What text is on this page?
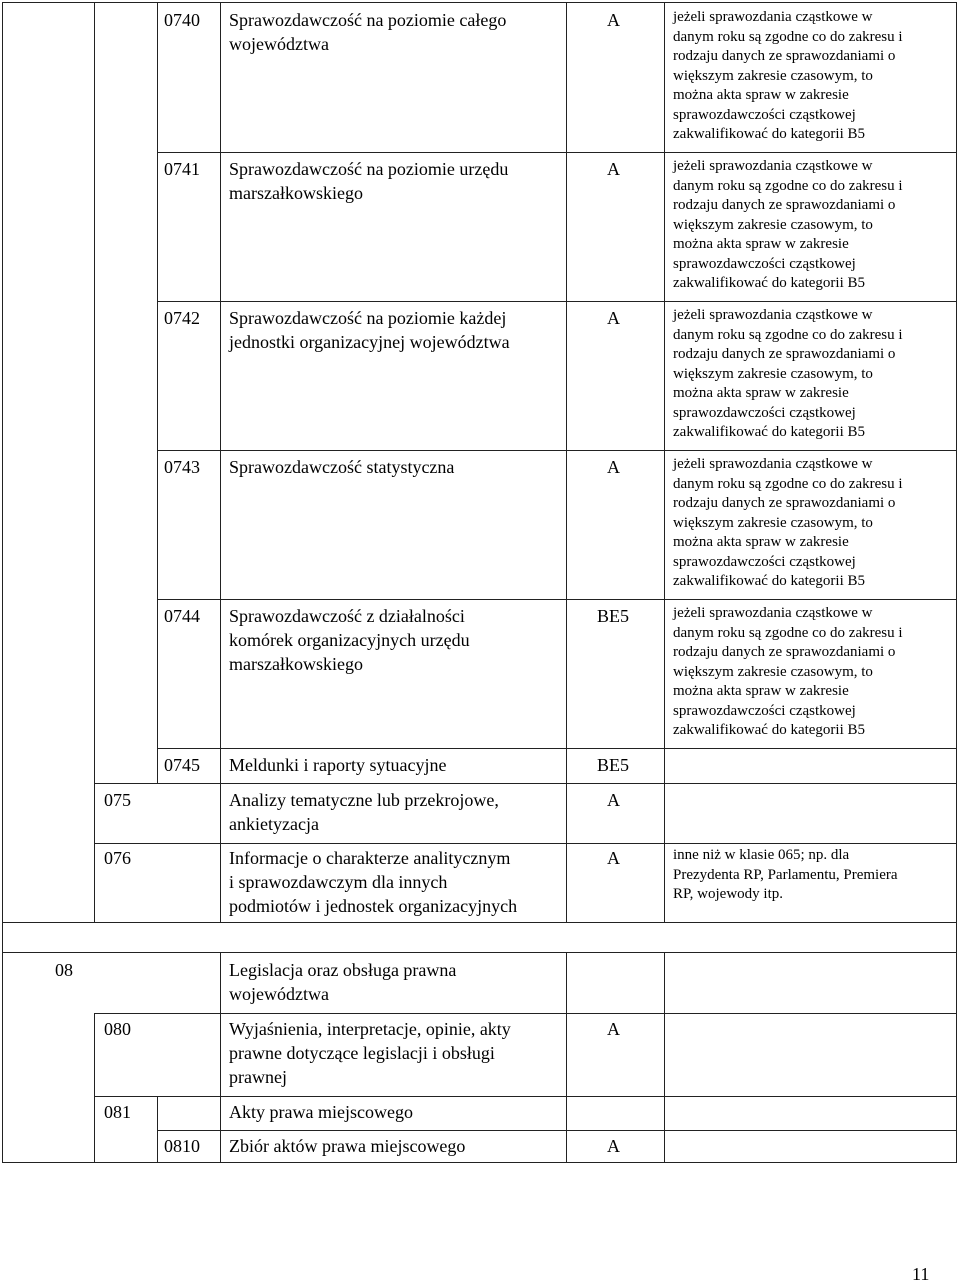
0740 Sprawozdawczość na poziomie całego
województwa
A	jeżeli sprawozdania cząstkowe w
danym roku są zgodne co do zakresu i
rodzaju danych ze sprawozdaniami o
większym zakresie czasowym, to
można akta spraw w zakresie
sprawozdawczości cząstkowej
zakwalifikować do kategorii B5
0741 Sprawozdawczość na poziomie urzędu
marszałkowskiego
A	jeżeli sprawozdania cząstkowe w
danym roku są zgodne co do zakresu i
rodzaju danych ze sprawozdaniami o
większym zakresie czasowym, to
można akta spraw w zakresie
sprawozdawczości cząstkowej
zakwalifikować do kategorii B5
0742 Sprawozdawczość na poziomie każdej
jednostki organizacyjnej województwa
A	jeżeli sprawozdania cząstkowe w
danym roku są zgodne co do zakresu i
rodzaju danych ze sprawozdaniami o
większym zakresie czasowym, to
można akta spraw w zakresie
sprawozdawczości cząstkowej
zakwalifikować do kategorii B5
0743 Sprawozdawczość statystyczna	A	jeżeli sprawozdania cząstkowe w
danym roku są zgodne co do zakresu i
rodzaju danych ze sprawozdaniami o
większym zakresie czasowym, to
można akta spraw w zakresie
sprawozdawczości cząstkowej
zakwalifikować do kategorii B5
0744 Sprawozdawczość z działalności
komórek organizacyjnych urzędu
marszałkowskiego
BE5	jeżeli sprawozdania cząstkowe w
danym roku są zgodne co do zakresu i
rodzaju danych ze sprawozdaniami o
większym zakresie czasowym, to
można akta spraw w zakresie
sprawozdawczości cząstkowej
zakwalifikować do kategorii B5
0745 Meldunki i raporty sytuacyjne	BE5
075	Analizy tematyczne lub przekrojowe,
ankietyzacja
A
076	Informacje o charakterze analitycznym
i sprawozdawczym dla innych
podmiotów i jednostek organizacyjnych
A	inne niż w klasie 065; np. dla
Prezydenta RP, Parlamentu, Premiera
RP, wojewody itp.
08	Legislacja oraz obsługa prawna
województwa
080	Wyjaśnienia, interpretacje, opinie, akty
prawne dotyczące legislacji i obsługi
prawnej
A
081	Akty prawa miejscowego
0810 Zbiór aktów prawa miejscowego	A
11
